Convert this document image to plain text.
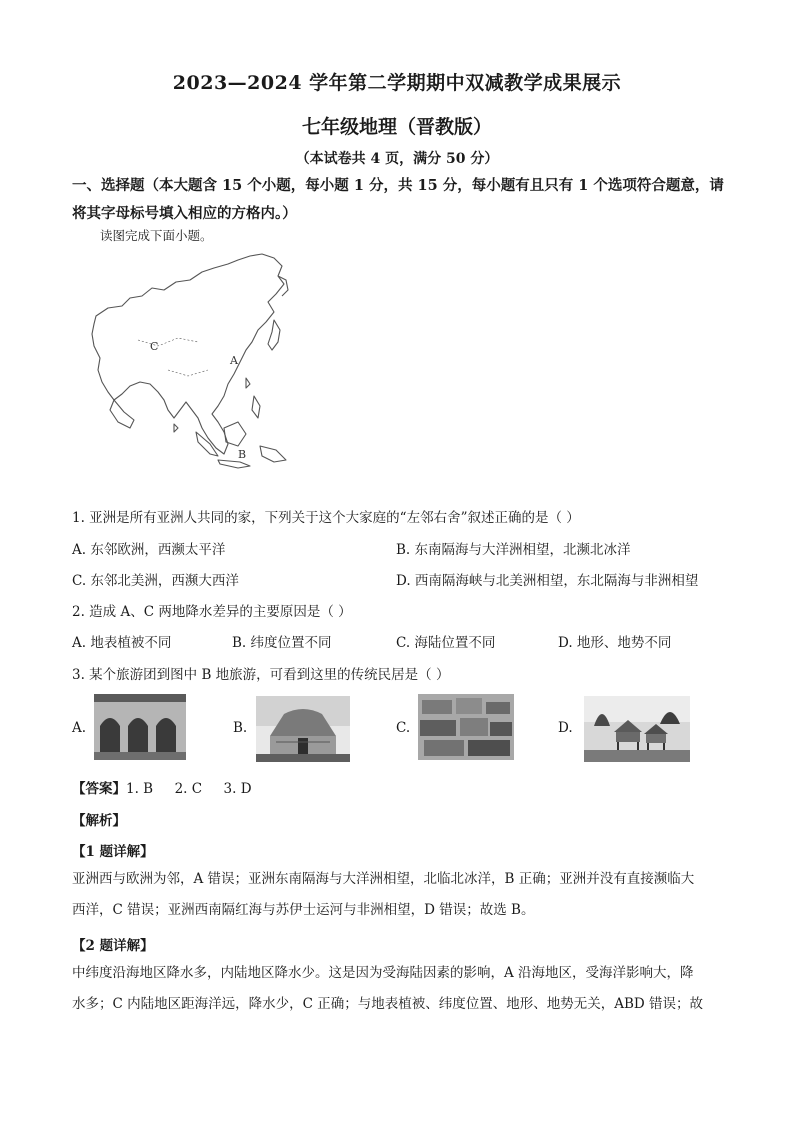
2023—2024 学年第二学期期中双减教学成果展示
七年级地理（晋教版）
（本试卷共 4 页，满分 50 分）
一、选择题（本大题含 15 个小题，每小题 1 分，共 15 分，每小题有且只有 1 个选项符合题意，请将其字母标号填入相应的方格内。）
读图完成下面小题。
C
A
B
1. 亚洲是所有亚洲人共同的家，下列关于这个大家庭的“左邻右舍”叙述正确的是（ ）
A. 东邻欧洲，西濒太平洋	B. 东南隔海与大洋洲相望，北濒北冰洋
C. 东邻北美洲，西濒大西洋	D. 西南隔海峡与北美洲相望，东北隔海与非洲相望
2. 造成 A、C 两地降水差异的主要原因是（ ）
A. 地表植被不同	B. 纬度位置不同	C. 海陆位置不同	D. 地形、地势不同
3. 某个旅游团到图中 B 地旅游，可看到这里的传统民居是（ ）
A.	B.	C.	D.
【答案】1. B 2. C 3. D
【解析】
【1 题详解】
亚洲西与欧洲为邻，A 错误；亚洲东南隔海与大洋洲相望，北临北冰洋，B 正确；亚洲并没有直接濒临大
西洋，C 错误；亚洲西南隔红海与苏伊士运河与非洲相望，D 错误；故选 B。
【2 题详解】
中纬度沿海地区降水多，内陆地区降水少。这是因为受海陆因素的影响，A 沿海地区，受海洋影响大，降
水多；C 内陆地区距海洋远，降水少，C 正确；与地表植被、纬度位置、地形、地势无关，ABD 错误；故
